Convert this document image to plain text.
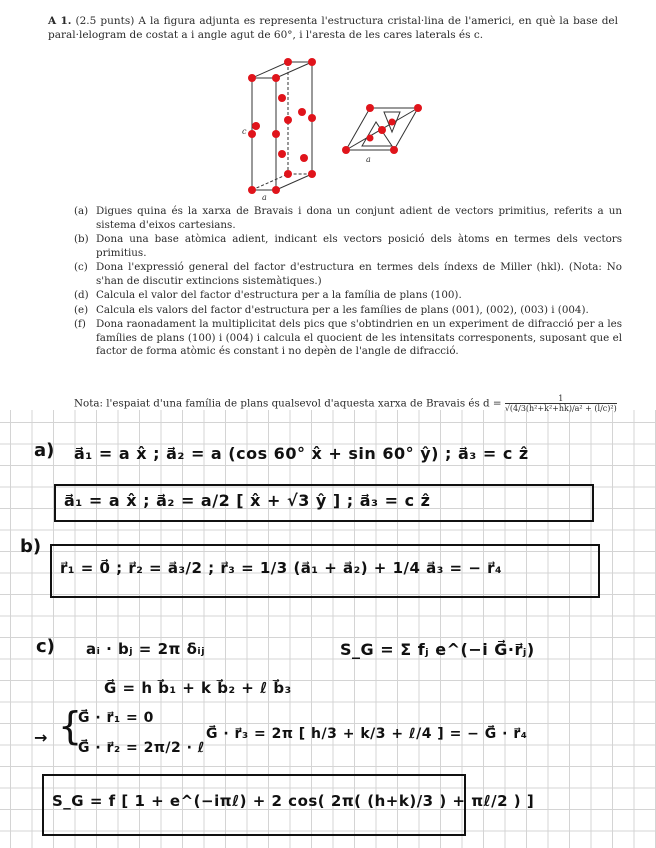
A 1. (2.5 punts) A la figura adjunta es representa l'estructura cristal·lina de l'americi, en què la base del paral·lelogram de costat a i angle agut de 60°, i l'aresta de les cares laterals és c.

c
a
a
(a) Digues quina és la xarxa de Bravais i dona un conjunt adient de vectors primitius, referits a un sistema d'eixos cartesians.
(b) Dona una base atòmica adient, indicant els vectors posició dels àtoms en termes dels vectors primitius.
(c) Dona l'expressió general del factor d'estructura en termes dels índexs de Miller (hkl). (Nota: No s'han de discutir extincions sistemàtiques.)
(d) Calcula el valor del factor d'estructura per a la família de plans (100).
(e) Calcula els valors del factor d'estructura per a les famílies de plans (001), (002), (003) i (004).
(f) Dona raonadament la multiplicitat dels pics que s'obtindrien en un experiment de difracció per a les famílies de plans (100) i (004) i calcula el quocient de les intensitats corresponents, suposant que el factor de forma atòmic és constant i no depèn de l'angle de difracció.
Nota: l'espaiat d'una família de plans qualsevol d'aquesta xarxa de Bravais és $d = \frac{1}{\text{√(4/3(h²+k²+hk)/a² + (l/c)²)}}$
a) a⃗₁ = a x̂ ; a⃗₂ = a (cos 60° x̂ + sin 60° ŷ) ; a⃗₃ = c ẑ
a⃗₁ = a x̂ ; a⃗₂ = a/2 [ x̂ + √3 ŷ ] ; a⃗₃ = c ẑ
b)
r⃗₁ = 0⃗ ; r⃗₂ = a⃗₃/2 ; r⃗₃ = 1/3 (a⃗₁ + a⃗₂) + 1/4 a⃗₃ = − r⃗₄
c) aᵢ · bⱼ = 2π δᵢⱼ	S_G = Σ fⱼ e^(−i G⃗·r⃗ⱼ)
G⃗ = h b⃗₁ + k b⃗₂ + ℓ b⃗₃
→ {
G⃗ · r⃗₁ = 0
G⃗ · r⃗₂ = 2π/2 · ℓ
G⃗ · r⃗₃ = 2π [ h/3 + k/3 + ℓ/4 ] = − G⃗ · r⃗₄
S_G = f [ 1 + e^(−iπℓ) + 2 cos( 2π( (h+k)/3 ) + πℓ/2 ) ]
